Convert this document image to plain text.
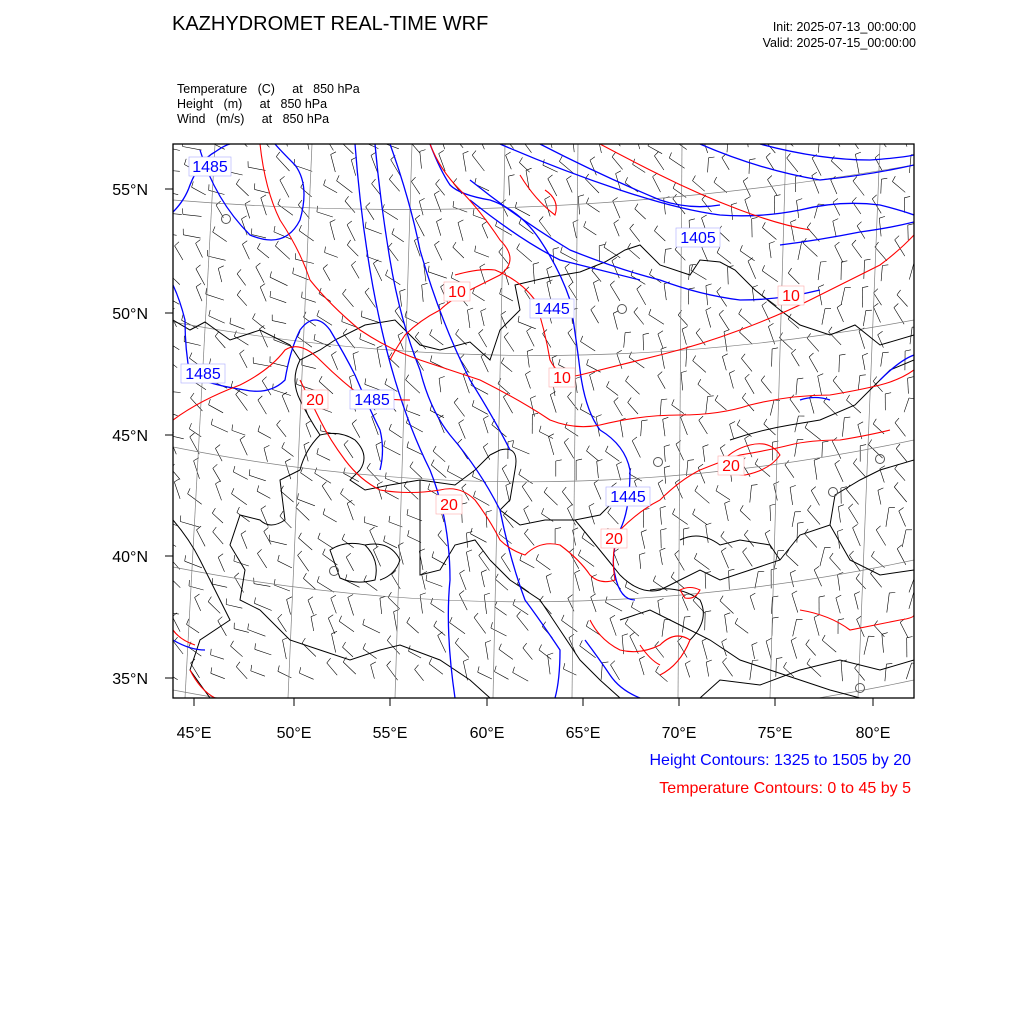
KAZHYDROMET REAL-TIME WRF	Init: 2025-07-13_00:00:00
Valid: 2025-07-15_00:00:00
Temperature   (C)     at   850 hPa
Height   (m)     at   850 hPa
Wind   (m/s)     at   850 hPa
45°E	50°E	55°E	60°E	65°E	70°E	75°E	80°E
55°N
50°N
45°N
40°N
35°N
1485
1485
1485
1445
1445
1405
10	10
10
20
20
20
20
Height Contours: 1325 to 1505 by 20
Temperature Contours: 0 to 45 by 5
